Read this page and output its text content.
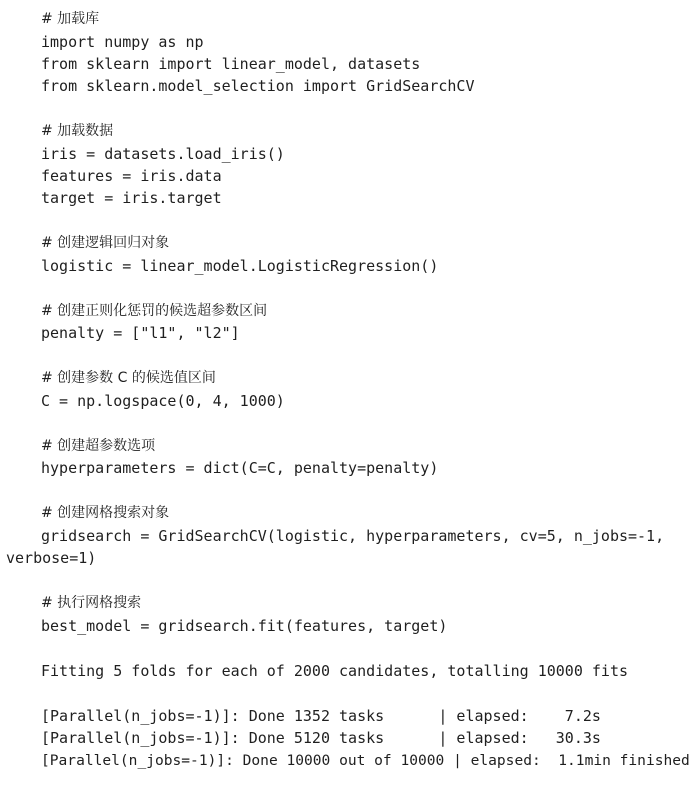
# 加载库
import numpy as np
from sklearn import linear_model, datasets
from sklearn.model_selection import GridSearchCV
# 加载数据
iris = datasets.load_iris()
features = iris.data
target = iris.target
# 创建逻辑回归对象
logistic = linear_model.LogisticRegression()
# 创建正则化惩罚的候选超参数区间
penalty = ["l1", "l2"]
# 创建参数 C 的候选值区间
C = np.logspace(0, 4, 1000)
# 创建超参数选项
hyperparameters = dict(C=C, penalty=penalty)
# 创建网格搜索对象
gridsearch = GridSearchCV(logistic, hyperparameters, cv=5, n_jobs=-1,
verbose=1)
# 执行网格搜索
best_model = gridsearch.fit(features, target)
Fitting 5 folds for each of 2000 candidates, totalling 10000 fits
[Parallel(n_jobs=-1)]: Done 1352 tasks      | elapsed:    7.2s
[Parallel(n_jobs=-1)]: Done 5120 tasks      | elapsed:   30.3s
[Parallel(n_jobs=-1)]: Done 10000 out of 10000 | elapsed:  1.1min finished
